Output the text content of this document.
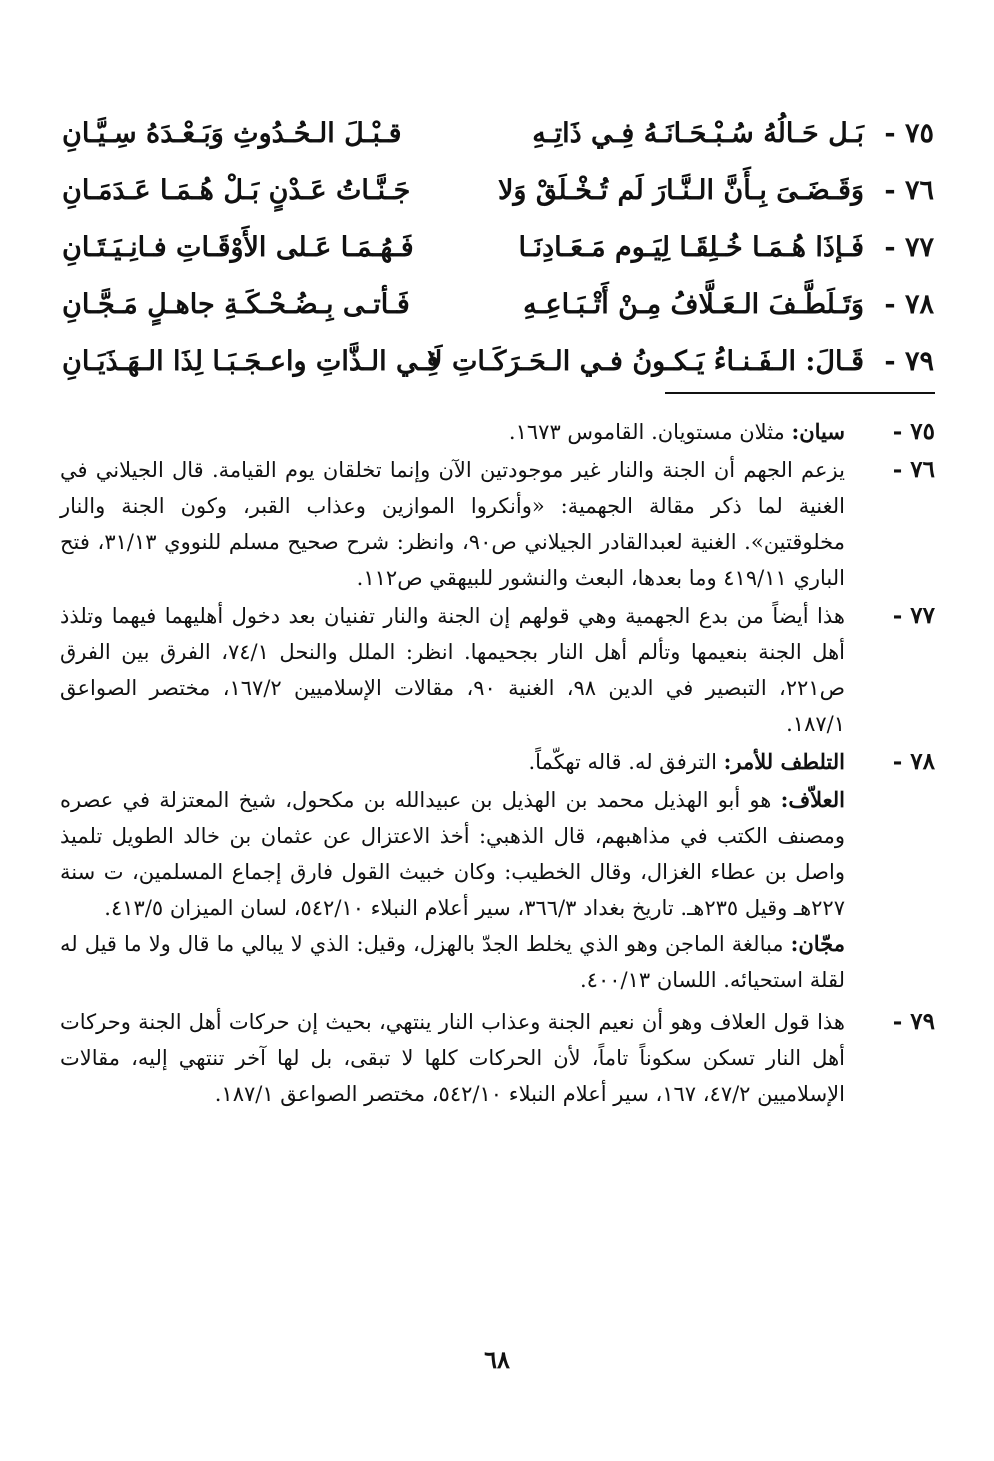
٧٥ -
بَـل حَـالُهُ سُـبْـحَـانَـهُ فِـي ذَاتِـهِ
قـبْـلَ الـحُـدُوثِ وَبَـعْـدَهُ سِـيَّـانِ
٧٦ -
وَقَـضَـىَ بِـأَنَّ الـنَّـارَ لَم تُـخْـلَقْ وَلا
جَـنَّـاتُ عَـدْنٍ بَـلْ هُـمَـا عَـدَمَـانِ
٧٧ -
فَـإذَا هُـمَـا خُـلِقَـا لِيَـوم مَـعَـادِنَـا
فَـهُـمَـا عَـلى الأَوْقَـاتِ فـانِـيَـتَـانِ
٧٨ -
وَتَـلَطَّـفَ الـعَـلَّافُ مِـنْ أَتْـبَـاعِـهِ
فَـأتـى بِـضُـحْـكَـةِ جاهـلٍ مَـجَّـانِ
٧٩ -
قَـالَ: الـفَـنـاءُ يَـكـونُ فـي الـحَـرَكَـاتِ لَا
فِـي الـذَّاتِ واعـجَـبَـا لِذَا الـهَـذَيَـانِ
٧٥ -
سيان: مثلان مستويان. القاموس ١٦٧٣.
٧٦ -
يزعم الجهم أن الجنة والنار غير موجودتين الآن وإنما تخلقان يوم القيامة. قال الجيلاني في الغنية لما ذكر مقالة الجهمية: «وأنكروا الموازين وعذاب القبر، وكون الجنة والنار مخلوقتين». الغنية لعبدالقادر الجيلاني ص٩٠، وانظر: شرح صحيح مسلم للنووي ٣١/١٣، فتح الباري ٤١٩/١١ وما بعدها، البعث والنشور للبيهقي ص١١٢.
٧٧ -
هذا أيضاً من بدع الجهمية وهي قولهم إن الجنة والنار تفنيان بعد دخول أهليهما فيهما وتلذذ أهل الجنة بنعيمها وتألم أهل النار بجحيمها. انظر: الملل والنحل ٧٤/١، الفرق بين الفرق ص٢٢١، التبصير في الدين ٩٨، الغنية ٩٠، مقالات الإسلاميين ١٦٧/٢، مختصر الصواعق ١٨٧/١.
٧٨ -
التلطف للأمر: الترفق له. قاله تهكّماً.
العلاّف: هو أبو الهذيل محمد بن الهذيل بن عبيدالله بن مكحول، شيخ المعتزلة في عصره ومصنف الكتب في مذاهبهم، قال الذهبي: أخذ الاعتزال عن عثمان بن خالد الطويل تلميذ واصل بن عطاء الغزال، وقال الخطيب: وكان خبيث القول فارق إجماع المسلمين، ت سنة ٢٢٧هـ وقيل ٢٣٥هـ. تاريخ بغداد ٣٦٦/٣، سير أعلام النبلاء ٥٤٢/١٠، لسان الميزان ٤١٣/٥.
مجّان: مبالغة الماجن وهو الذي يخلط الجدّ بالهزل، وقيل: الذي لا يبالي ما قال ولا ما قيل له لقلة استحيائه. اللسان ٤٠٠/١٣.
٧٩ -
هذا قول العلاف وهو أن نعيم الجنة وعذاب النار ينتهي، بحيث إن حركات أهل الجنة وحركات أهل النار تسكن سكوناً تاماً، لأن الحركات كلها لا تبقى، بل لها آخر تنتهي إليه، مقالات الإسلاميين ٤٧/٢، ١٦٧، سير أعلام النبلاء ٥٤٢/١٠، مختصر الصواعق ١٨٧/١.
٦٨
